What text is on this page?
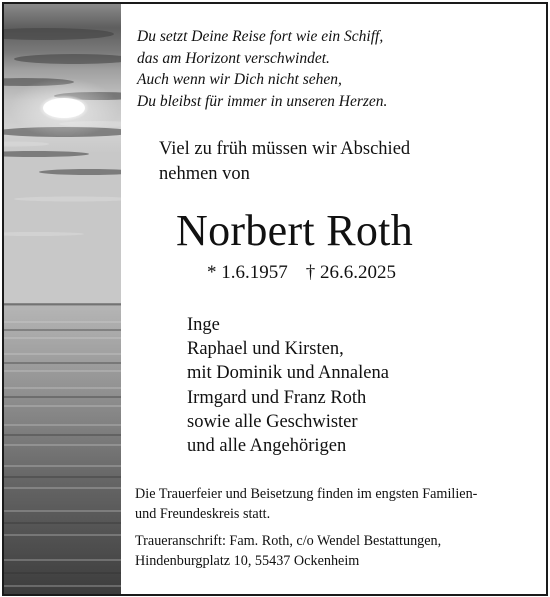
Du setzt Deine Reise fort wie ein Schiff,
das am Horizont verschwindet.
Auch wenn wir Dich nicht sehen,
Du bleibst für immer in unseren Herzen.
Viel zu früh müssen wir Abschied
nehmen von
Norbert Roth
* 1.6.1957 † 26.6.2025
Inge
Raphael und Kirsten,
mit Dominik und Annalena
Irmgard und Franz Roth
sowie alle Geschwister
und alle Angehörigen
Die Trauerfeier und Beisetzung finden im engsten Familien-
und Freundeskreis statt.
Traueranschrift: Fam. Roth, c/o Wendel Bestattungen,
Hindenburgplatz 10, 55437 Ockenheim
